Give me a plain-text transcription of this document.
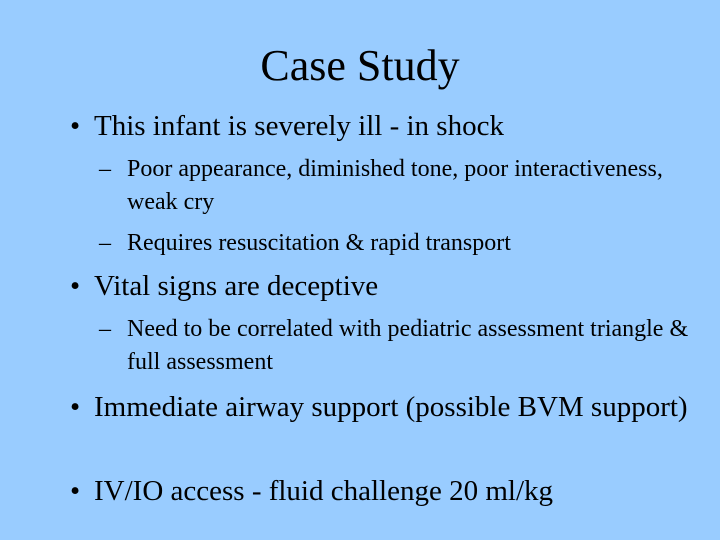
Case Study
• This infant is severely ill - in shock
– Poor appearance, diminished tone, poor interactiveness, weak cry
– Requires resuscitation & rapid transport
• Vital signs are deceptive
– Need to be correlated with pediatric assessment triangle & full assessment
• Immediate airway support (possible BVM support)
• IV/IO access - fluid challenge 20 ml/kg
